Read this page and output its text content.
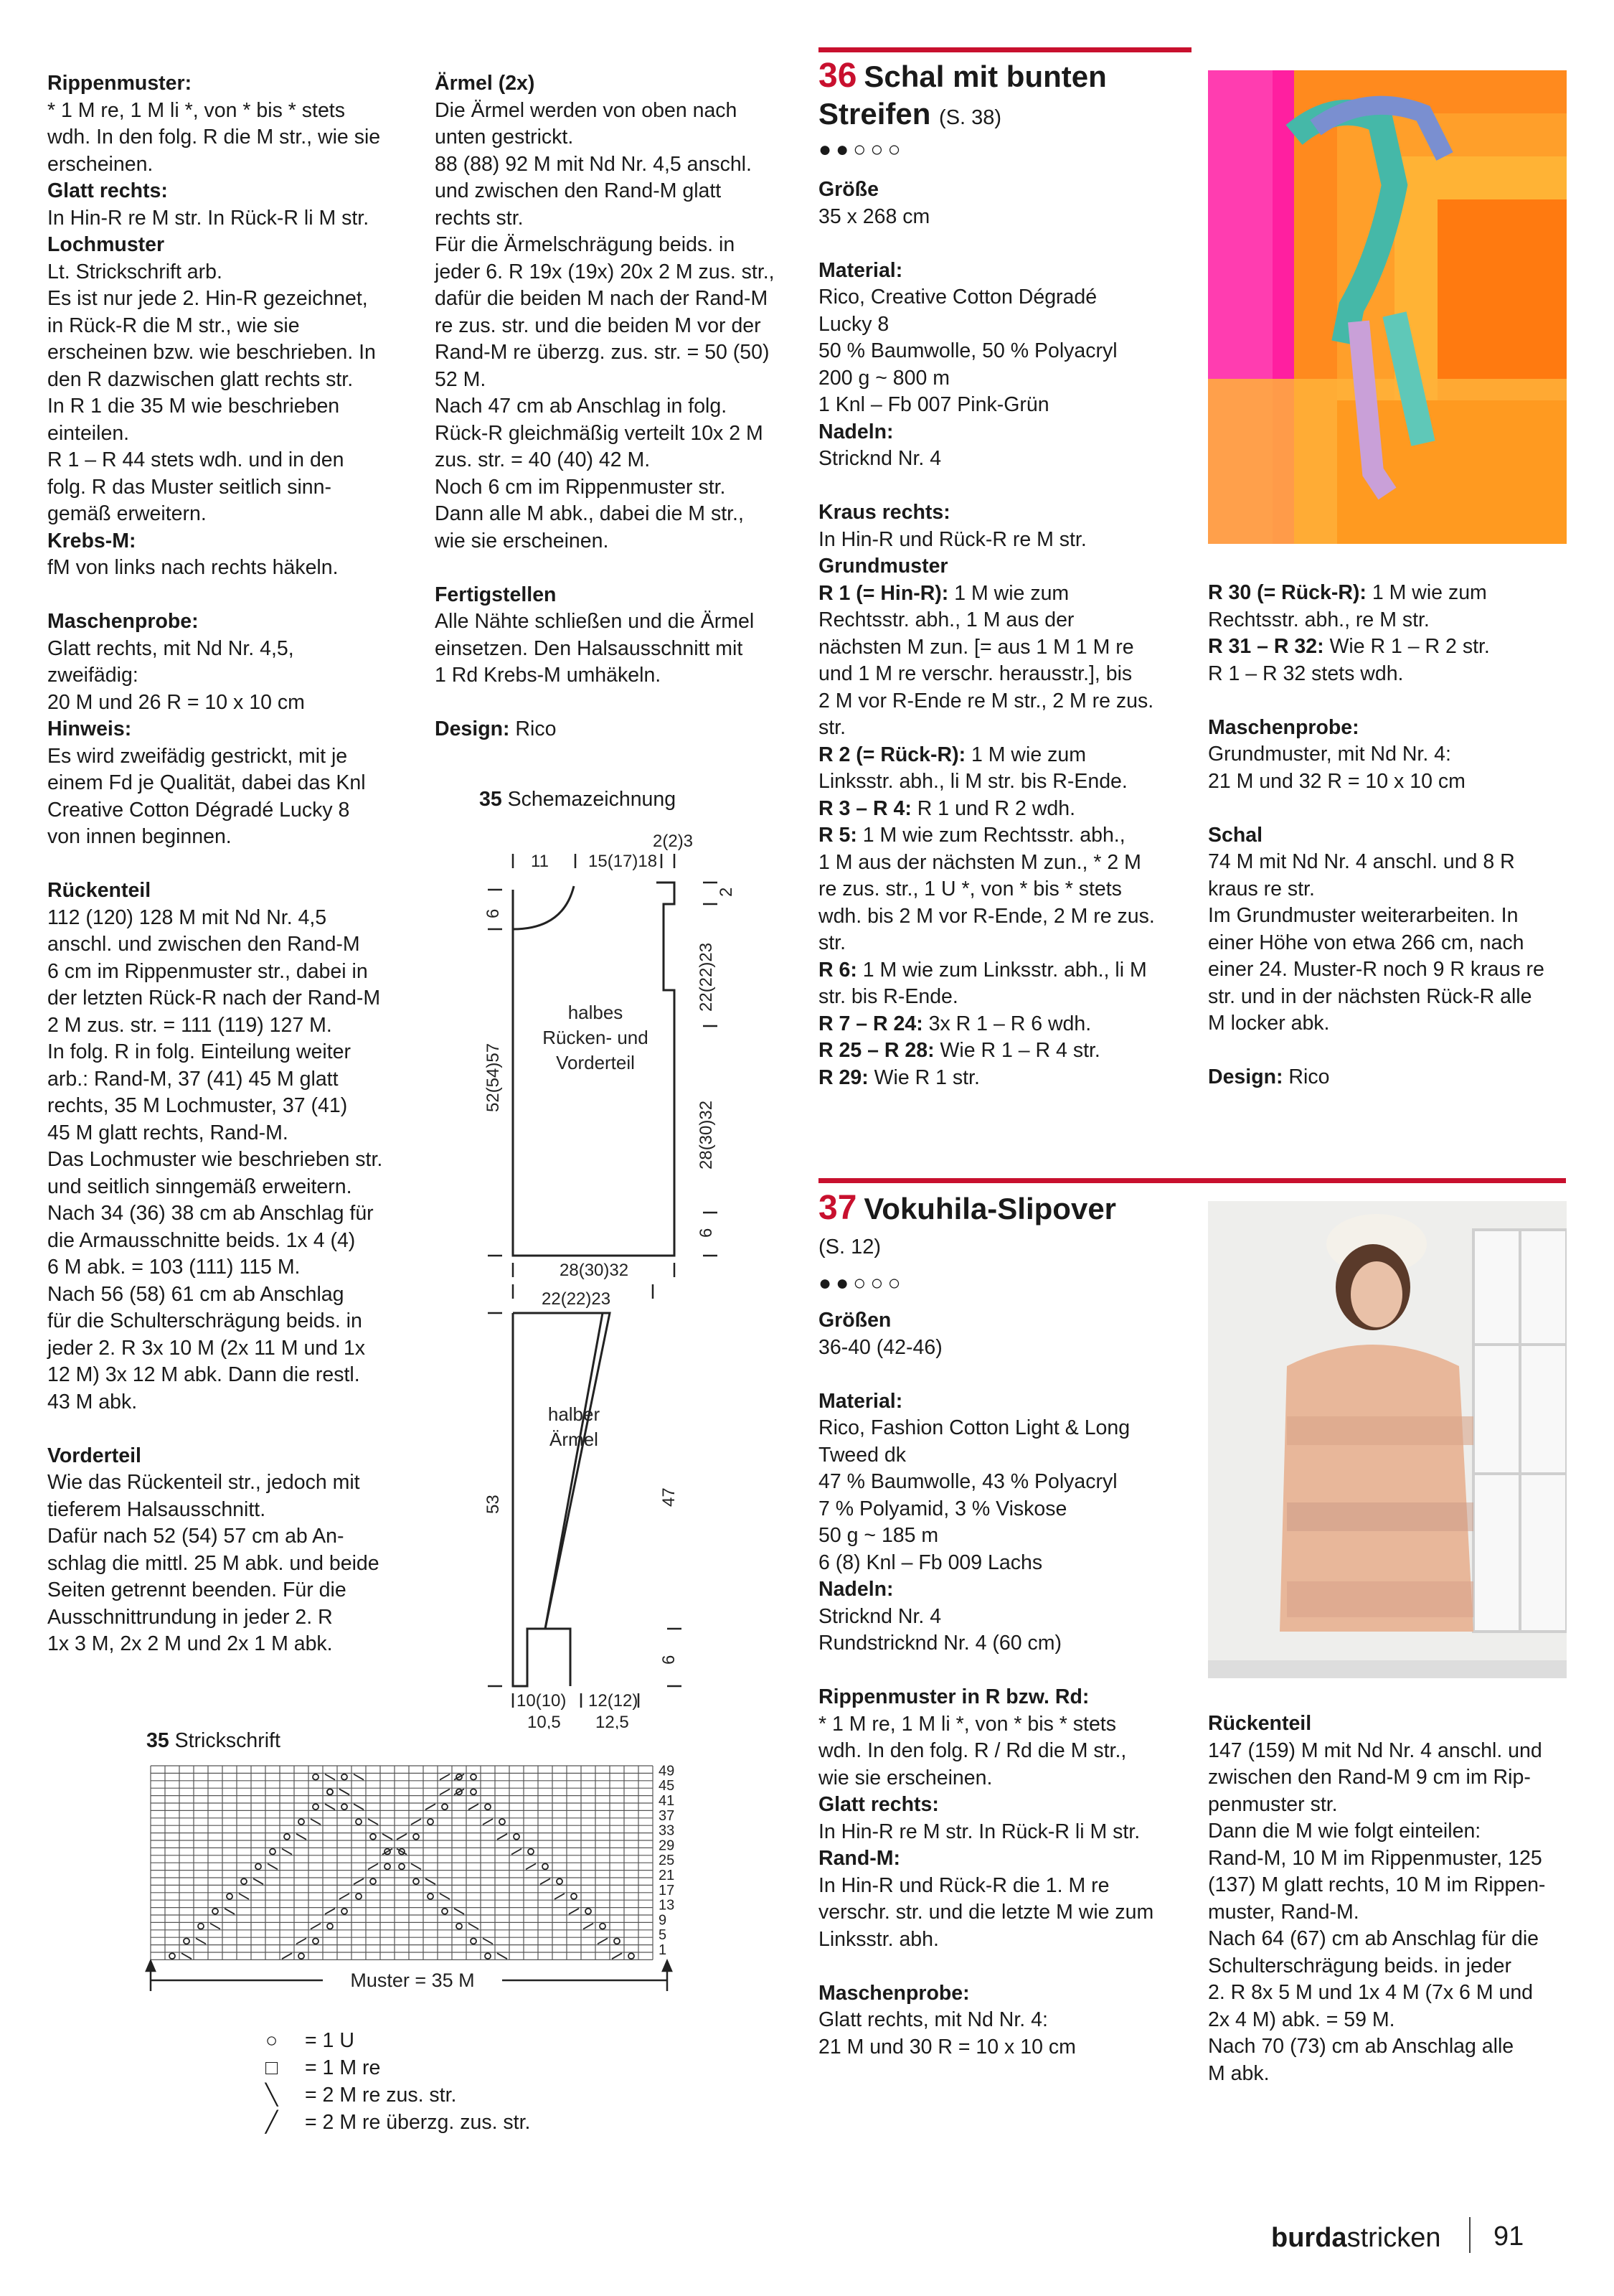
Rippenmuster:

* 1 M re, 1 M li *, von * bis * stets

wdh. In den folg. R die M str., wie sie

erscheinen.

Glatt rechts:

In Hin-R re M str. In Rück-R li M str.

Lochmuster

Lt. Strickschrift arb.

Es ist nur jede 2. Hin-R gezeichnet,

in Rück-R die M str., wie sie

erscheinen bzw. wie beschrieben. In

den R dazwischen glatt rechts str.

In R 1 die 35 M wie beschrieben

einteilen.

R 1 – R 44 stets wdh. und in den

folg. R das Muster seitlich sinn-

gemäß erweitern.

Krebs-M:

fM von links nach rechts häkeln.

Maschenprobe:

Glatt rechts, mit Nd Nr. 4,5,

zweifädig:

20 M und 26 R = 10 x 10 cm

Hinweis:

Es wird zweifädig gestrickt, mit je

einem Fd je Qualität, dabei das Knl

Creative Cotton Dégradé Lucky 8

von innen beginnen.

Rückenteil

112 (120) 128 M mit Nd Nr. 4,5

anschl. und zwischen den Rand-M

6 cm im Rippenmuster str., dabei in

der letzten Rück-R nach der Rand-M

2 M zus. str. = 111 (119) 127 M.

In folg. R in folg. Einteilung weiter

arb.: Rand-M, 37 (41) 45 M glatt

rechts, 35 M Lochmuster, 37 (41)

45 M glatt rechts, Rand-M.

Das Lochmuster wie beschrieben str.

und seitlich sinngemäß erweitern.

Nach 34 (36) 38 cm ab Anschlag für

die Armausschnitte beids. 1x 4 (4)

6 M abk. = 103 (111) 115 M.

Nach 56 (58) 61 cm ab Anschlag

für die Schulterschrägung beids. in

jeder 2. R 3x 10 M (2x 11 M und 1x

12 M) 3x 12 M abk. Dann die restl.

43 M abk.

Vorderteil

Wie das Rückenteil str., jedoch mit

tieferem Halsausschnitt.

Dafür nach 52 (54) 57 cm ab An-

schlag die mittl. 25 M abk. und beide

Seiten getrennt beenden. Für die

Ausschnittrundung in jeder 2. R

1x 3 M, 2x 2 M und 2x 1 M abk.

Ärmel (2x)

Die Ärmel werden von oben nach

unten gestrickt.

88 (88) 92 M mit Nd Nr. 4,5 anschl.

und zwischen den Rand-M glatt

rechts str.

Für die Ärmelschrägung beids. in

jeder 6. R 19x (19x) 20x 2 M zus. str.,

dafür die beiden M nach der Rand-M

re zus. str. und die beiden M vor der

Rand-M re überzg. zus. str. = 50 (50)

52 M.

Nach 47 cm ab Anschlag in folg.

Rück-R gleichmäßig verteilt 10x 2 M

zus. str. = 40 (40) 42 M.

Noch 6 cm im Rippenmuster str.

Dann alle M abk., dabei die M str.,

wie sie erscheinen.

Fertigstellen

Alle Nähte schließen und die Ärmel

einsetzen. Den Halsausschnitt mit

1 Rd Krebs-M umhäkeln.

Design: Rico

35 Schemazeichnung
11 15(17)18
2(2)3
2
6
22(22)23
52(54)57
28(30)32
6
28(30)32
22(22)23
53	47
6
10(10) 12(12)
10,5 12,5
halbes
Rücken- und
Vorderteil
halber
Ärmel
35 Strickschrift
49
45
41
37
33
29
25
21
17
13
9
5
1
Muster = 35 M
○ = 1 U
□ = 1 M re
╲ = 2 M re zus. str.
╱ = 2 M re überzg. zus. str.
36 Schal mit bunten
Streifen (S. 38)
●●○○○

Größe

35 x 268 cm

Material:

Rico, Creative Cotton Dégradé

Lucky 8

50 % Baumwolle, 50 % Polyacryl

200 g ~ 800 m

1 Knl – Fb 007 Pink-Grün

Nadeln:

Stricknd Nr. 4

Kraus rechts:

In Hin-R und Rück-R re M str.

Grundmuster

R 1 (= Hin-R): 1 M wie zum

Rechtsstr. abh., 1 M aus der

nächsten M zun. [= aus 1 M 1 M re

und 1 M re verschr. herausstr.], bis

2 M vor R-Ende re M str., 2 M re zus.

str.

R 2 (= Rück-R): 1 M wie zum

Linksstr. abh., li M str. bis R-Ende.

R 3 – R 4: R 1 und R 2 wdh.

R 5: 1 M wie zum Rechtsstr. abh.,

1 M aus der nächsten M zun., * 2 M

re zus. str., 1 U *, von * bis * stets

wdh. bis 2 M vor R-Ende, 2 M re zus.

str.

R 6: 1 M wie zum Linksstr. abh., li M

str. bis R-Ende.

R 7 – R 24: 3x R 1 – R 6 wdh.

R 25 – R 28: Wie R 1 – R 4 str.

R 29: Wie R 1 str.

R 30 (= Rück-R): 1 M wie zum

Rechtsstr. abh., re M str.

R 31 – R 32: Wie R 1 – R 2 str.

R 1 – R 32 stets wdh.

Maschenprobe:

Grundmuster, mit Nd Nr. 4:

21 M und 32 R = 10 x 10 cm

Schal

74 M mit Nd Nr. 4 anschl. und 8 R

kraus re str.

Im Grundmuster weiterarbeiten. In

einer Höhe von etwa 266 cm, nach

einer 24. Muster-R noch 9 R kraus re

str. und in der nächsten Rück-R alle

M locker abk.

Design: Rico

37 Vokuhila-Slipover
(S. 12)
●●○○○

Größen

36-40 (42-46)

Material:

Rico, Fashion Cotton Light & Long

Tweed dk

47 % Baumwolle, 43 % Polyacryl

7 % Polyamid, 3 % Viskose

50 g ~ 185 m

6 (8) Knl – Fb 009 Lachs

Nadeln:

Stricknd Nr. 4

Rundstricknd Nr. 4 (60 cm)

Rippenmuster in R bzw. Rd:

* 1 M re, 1 M li *, von * bis * stets

wdh. In den folg. R / Rd die M str.,

wie sie erscheinen.

Glatt rechts:

In Hin-R re M str. In Rück-R li M str.

Rand-M:

In Hin-R und Rück-R die 1. M re

verschr. str. und die letzte M wie zum

Linksstr. abh.

Maschenprobe:

Glatt rechts, mit Nd Nr. 4:

21 M und 30 R = 10 x 10 cm

Rückenteil

147 (159) M mit Nd Nr. 4 anschl. und

zwischen den Rand-M 9 cm im Rip-

penmuster str.

Dann die M wie folgt einteilen:

Rand-M, 10 M im Rippenmuster, 125

(137) M glatt rechts, 10 M im Rippen-

muster, Rand-M.

Nach 64 (67) cm ab Anschlag für die

Schulterschrägung beids. in jeder

2. R 8x 5 M und 1x 4 M (7x 6 M und

2x 4 M) abk. = 59 M.

Nach 70 (73) cm ab Anschlag alle

M abk.

burdastricken 91
